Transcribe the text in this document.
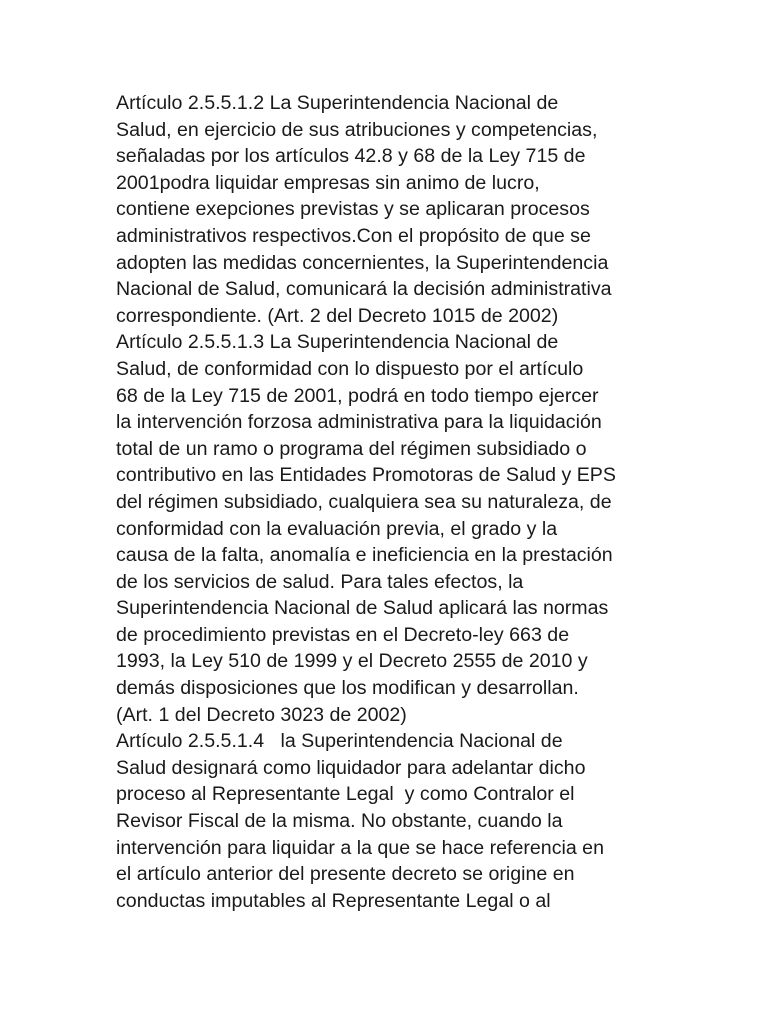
Artículo 2.5.5.1.2 La Superintendencia Nacional de
Salud, en ejercicio de sus atribuciones y competencias,
señaladas por los artículos 42.8 y 68 de la Ley 715 de
2001podra liquidar empresas sin animo de lucro,
contiene exepciones previstas y se aplicaran procesos
administrativos respectivos.Con el propósito de que se
adopten las medidas concernientes, la Superintendencia
Nacional de Salud, comunicará la decisión administrativa
correspondiente. (Art. 2 del Decreto 1015 de 2002)
Artículo 2.5.5.1.3 La Superintendencia Nacional de
Salud, de conformidad con lo dispuesto por el artículo
68 de la Ley 715 de 2001, podrá en todo tiempo ejercer
la intervención forzosa administrativa para la liquidación
total de un ramo o programa del régimen subsidiado o
contributivo en las Entidades Promotoras de Salud y EPS
del régimen subsidiado, cualquiera sea su naturaleza, de
conformidad con la evaluación previa, el grado y la
causa de la falta, anomalía e ineficiencia en la prestación
de los servicios de salud. Para tales efectos, la
Superintendencia Nacional de Salud aplicará las normas
de procedimiento previstas en el Decreto-ley 663 de
1993, la Ley 510 de 1999 y el Decreto 2555 de 2010 y
demás disposiciones que los modifican y desarrollan.
(Art. 1 del Decreto 3023 de 2002)
Artículo 2.5.5.1.4   la Superintendencia Nacional de
Salud designará como liquidador para adelantar dicho
proceso al Representante Legal  y como Contralor el
Revisor Fiscal de la misma. No obstante, cuando la
intervención para liquidar a la que se hace referencia en
el artículo anterior del presente decreto se origine en
conductas imputables al Representante Legal o al
